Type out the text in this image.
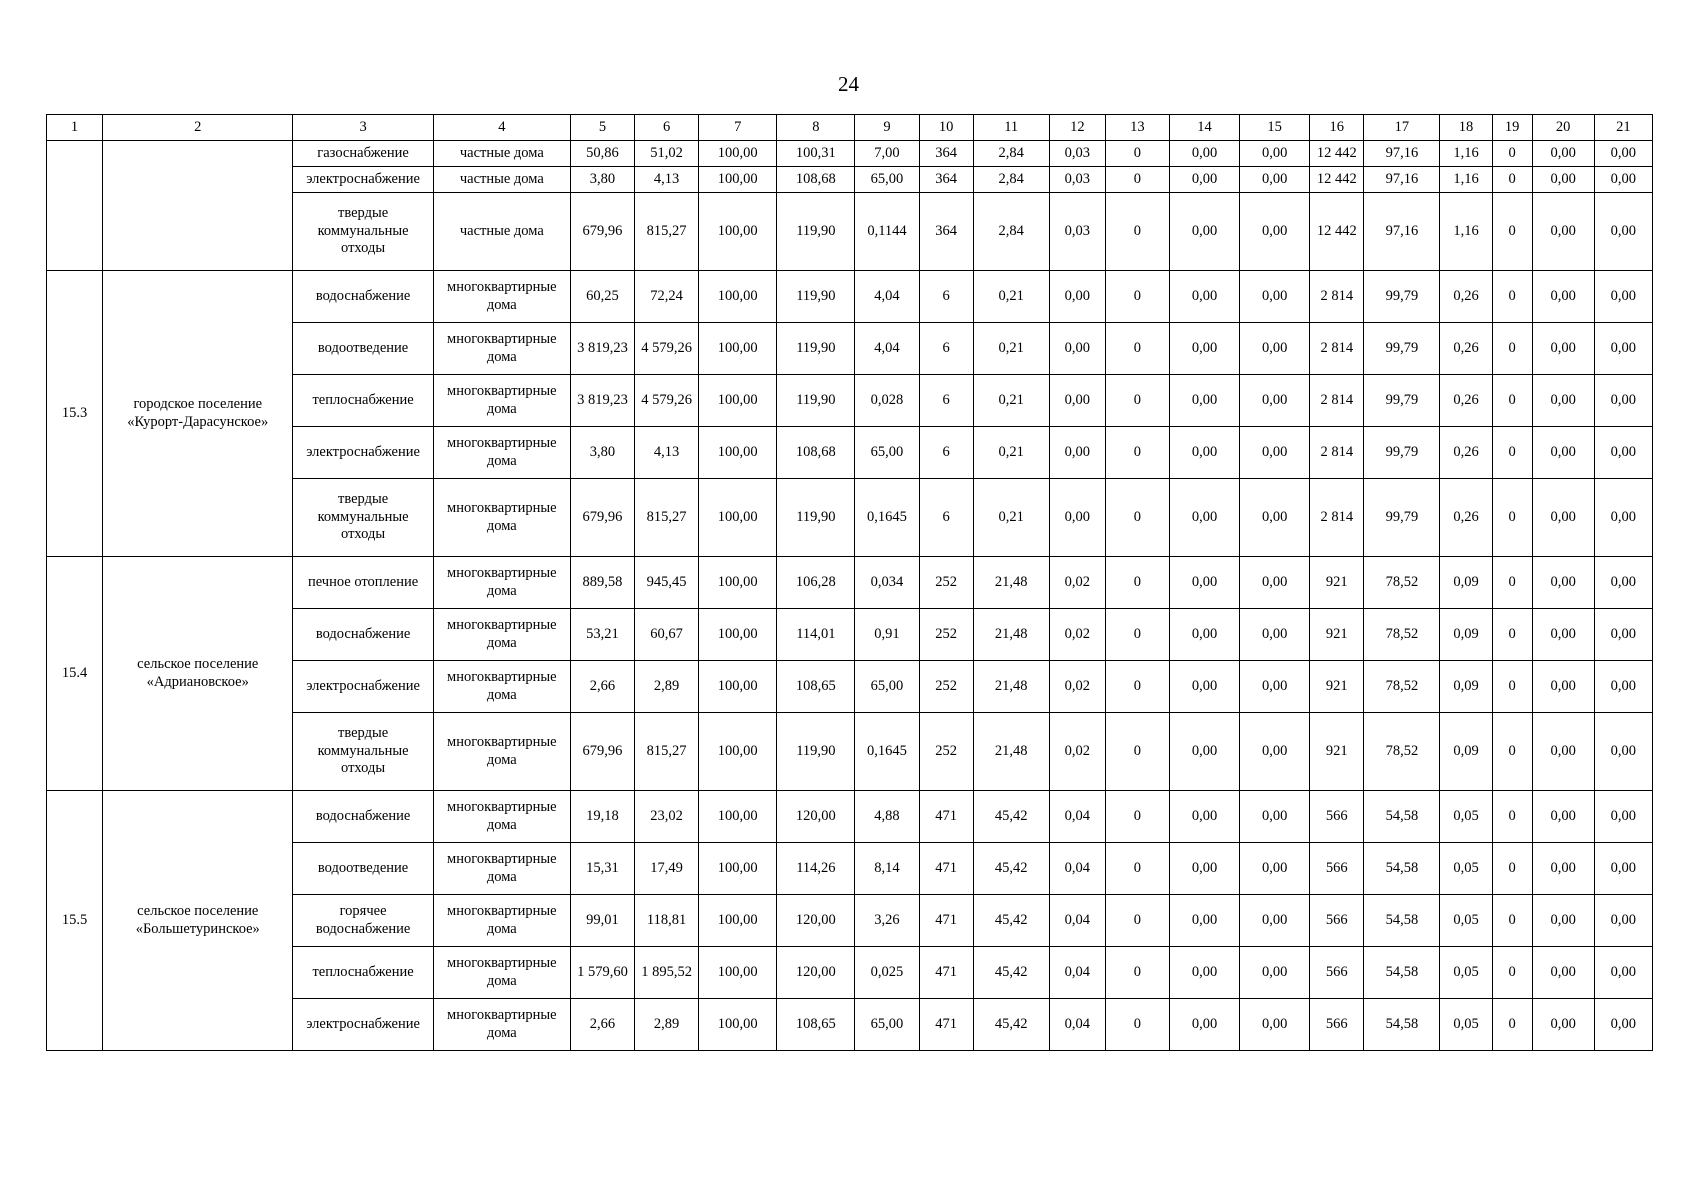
24
1	2	3	4	5	6	7	8	9	10	11	12	13	14	15	16	17	18	19	20	21
		газоснабжение	частные дома	50,86	51,02	100,00	100,31	7,00	364	2,84	0,03	0	0,00	0,00	12 442	97,16	1,16	0	0,00	0,00
		электроснабжение	частные дома	3,80	4,13	100,00	108,68	65,00	364	2,84	0,03	0	0,00	0,00	12 442	97,16	1,16	0	0,00	0,00
		твердые коммунальные отходы	частные дома	679,96	815,27	100,00	119,90	0,1144	364	2,84	0,03	0	0,00	0,00	12 442	97,16	1,16	0	0,00	0,00
15.3	городское поселение «Курорт-Дарасунское»	водоснабжение	многоквартирные дома	60,25	72,24	100,00	119,90	4,04	6	0,21	0,00	0	0,00	0,00	2 814	99,79	0,26	0	0,00	0,00
		водоотведение	многоквартирные дома	3 819,23	4 579,26	100,00	119,90	4,04	6	0,21	0,00	0	0,00	0,00	2 814	99,79	0,26	0	0,00	0,00
		теплоснабжение	многоквартирные дома	3 819,23	4 579,26	100,00	119,90	0,028	6	0,21	0,00	0	0,00	0,00	2 814	99,79	0,26	0	0,00	0,00
		электроснабжение	многоквартирные дома	3,80	4,13	100,00	108,68	65,00	6	0,21	0,00	0	0,00	0,00	2 814	99,79	0,26	0	0,00	0,00
		твердые коммунальные отходы	многоквартирные дома	679,96	815,27	100,00	119,90	0,1645	6	0,21	0,00	0	0,00	0,00	2 814	99,79	0,26	0	0,00	0,00
15.4	сельское поселение «Адриановское»	печное отопление	многоквартирные дома	889,58	945,45	100,00	106,28	0,034	252	21,48	0,02	0	0,00	0,00	921	78,52	0,09	0	0,00	0,00
		водоснабжение	многоквартирные дома	53,21	60,67	100,00	114,01	0,91	252	21,48	0,02	0	0,00	0,00	921	78,52	0,09	0	0,00	0,00
		электроснабжение	многоквартирные дома	2,66	2,89	100,00	108,65	65,00	252	21,48	0,02	0	0,00	0,00	921	78,52	0,09	0	0,00	0,00
		твердые коммунальные отходы	многоквартирные дома	679,96	815,27	100,00	119,90	0,1645	252	21,48	0,02	0	0,00	0,00	921	78,52	0,09	0	0,00	0,00
15.5	сельское поселение «Большетуринское»	водоснабжение	многоквартирные дома	19,18	23,02	100,00	120,00	4,88	471	45,42	0,04	0	0,00	0,00	566	54,58	0,05	0	0,00	0,00
		водоотведение	многоквартирные дома	15,31	17,49	100,00	114,26	8,14	471	45,42	0,04	0	0,00	0,00	566	54,58	0,05	0	0,00	0,00
		горячее водоснабжение	многоквартирные дома	99,01	118,81	100,00	120,00	3,26	471	45,42	0,04	0	0,00	0,00	566	54,58	0,05	0	0,00	0,00
		теплоснабжение	многоквартирные дома	1 579,60	1 895,52	100,00	120,00	0,025	471	45,42	0,04	0	0,00	0,00	566	54,58	0,05	0	0,00	0,00
		электроснабжение	многоквартирные дома	2,66	2,89	100,00	108,65	65,00	471	45,42	0,04	0	0,00	0,00	566	54,58	0,05	0	0,00	0,00
